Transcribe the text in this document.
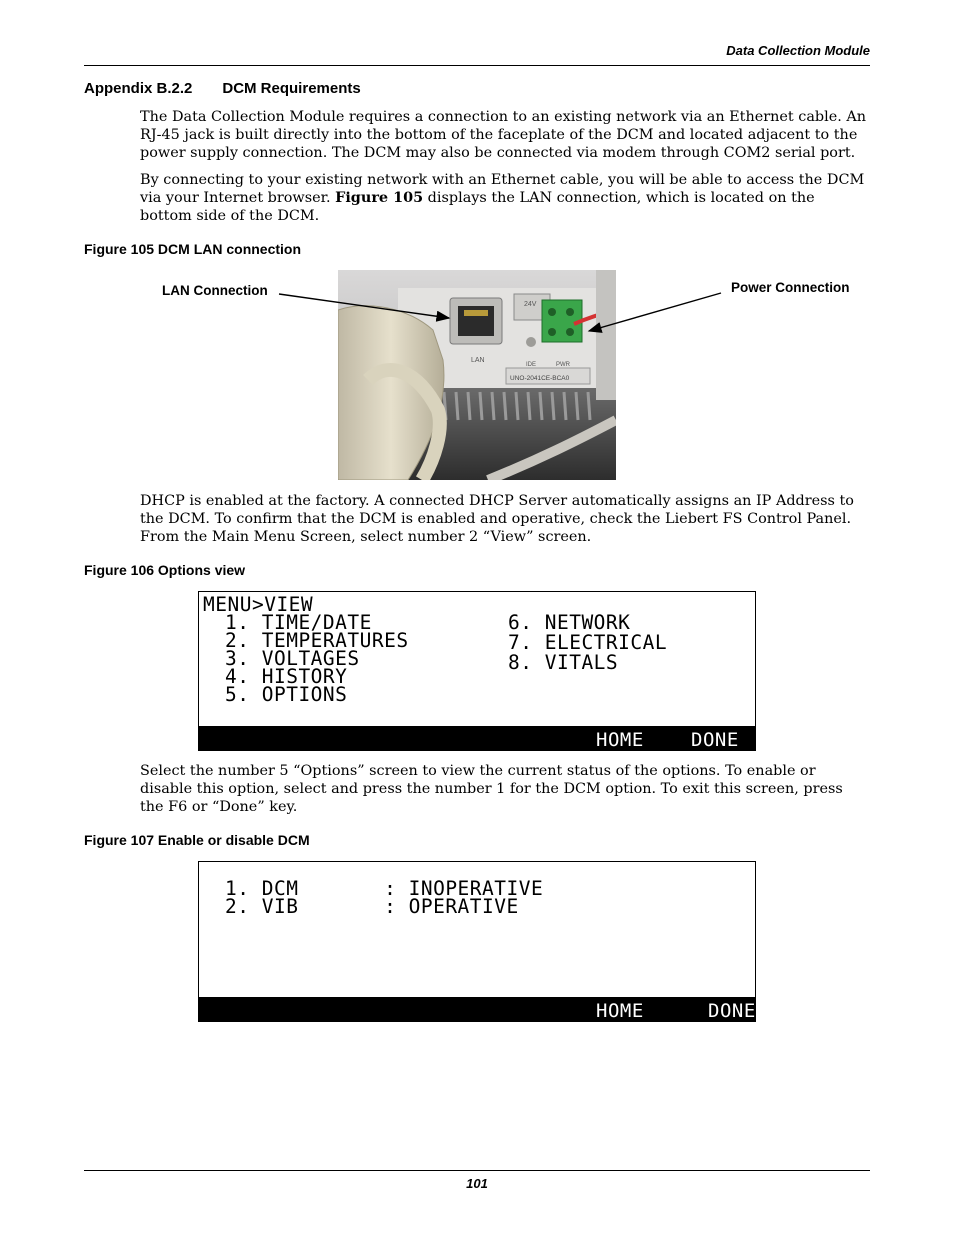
Data Collection Module
Appendix B.2.2 DCM Requirements
The Data Collection Module requires a connection to an existing network via an Ethernet cable. An RJ-45 jack is built directly into the bottom of the faceplate of the DCM and located adjacent to the power supply connection. The DCM may also be connected via modem through COM2 serial port.
By connecting to your existing network with an Ethernet cable, you will be able to access the DCM via your Internet browser. Figure 105 displays the LAN connection, which is located on the bottom side of the DCM.
Figure 105 DCM LAN connection
LAN Connection	Power Connection
LAN
24V
IDE	PWR
UNO-2041CE-BCA0
DHCP is enabled at the factory. A connected DHCP Server automatically assigns an IP Address to the DCM. To confirm that the DCM is enabled and operative, check the Liebert FS Control Panel. From the Main Menu Screen, select number 2 “View” screen.
Figure 106 Options view
MENU>VIEW
1. TIME/DATE
2. TEMPERATURES
3. VOLTAGES
4. HISTORY
5. OPTIONS
6. NETWORK
7. ELECTRICAL
8. VITALS
HOME DONE
Select the number 5 “Options” screen to view the current status of the options. To enable or disable this option, select and press the number 1 for the DCM option. To exit this screen, press the F6 or “Done” key.
Figure 107 Enable or disable DCM
1. DCM       : INOPERATIVE
2. VIB       : OPERATIVE
HOME	DONE
101
